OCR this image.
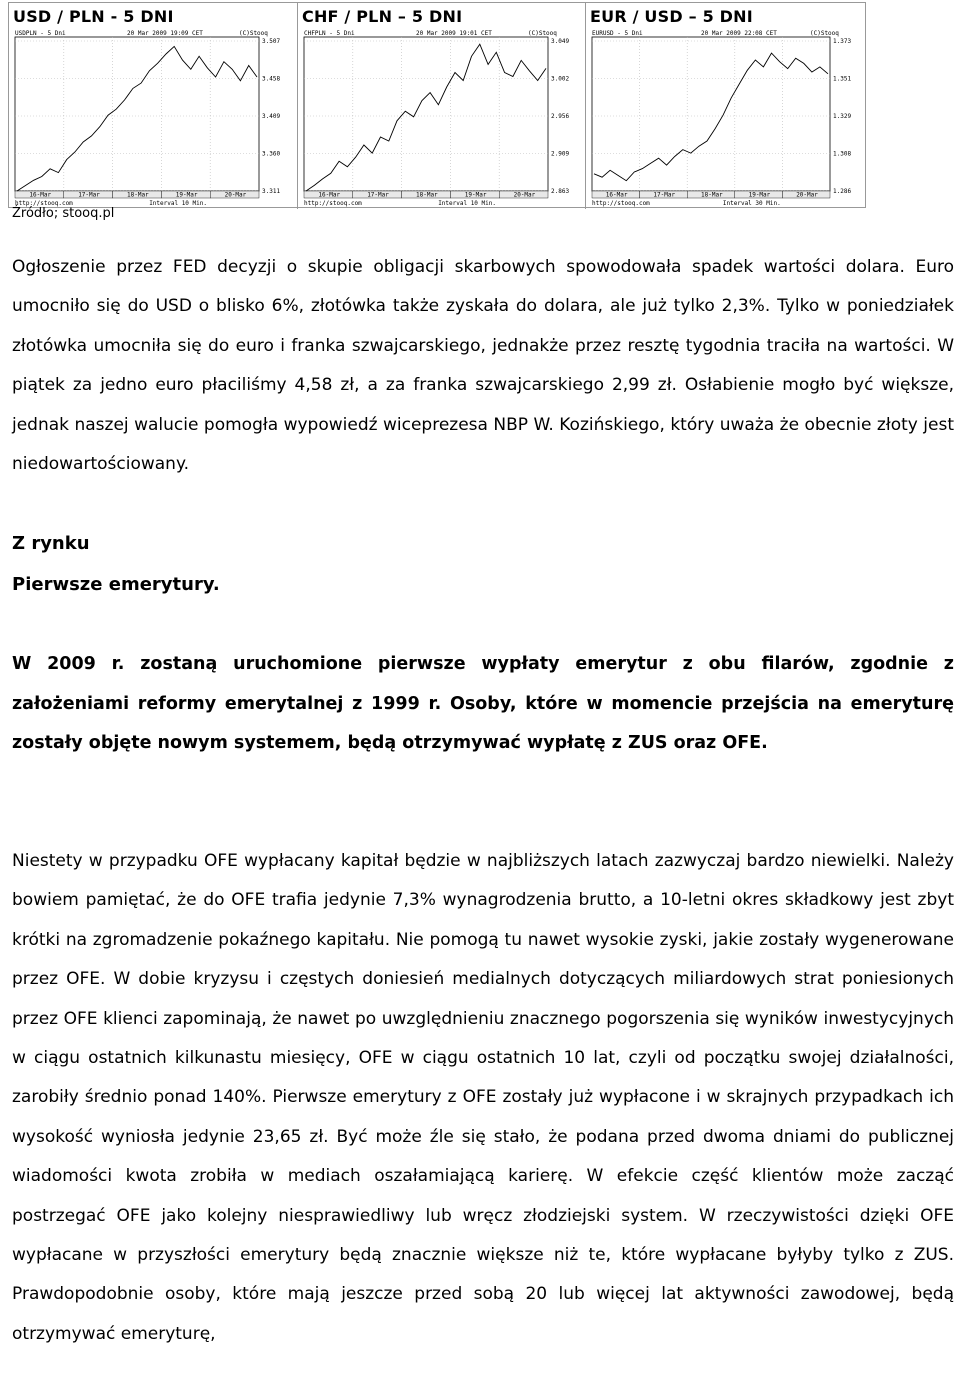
USD / PLN - 5 DNI
USDPLN - 5 Dni	20 Mar 2009 19:09 CET	(C)Stooq
3.507
3.458
3.409
3.360
3.311
16-Mar	17-Mar	18-Mar	19-Mar	20-Mar
http://stooq.com	Interval 10 Min.
CHF / PLN – 5 DNI
CHFPLN - 5 Dni	20 Mar 2009 19:01 CET	(C)Stooq
3.049
3.002
2.956
2.909
2.863
16-Mar	17-Mar	18-Mar	19-Mar	20-Mar
http://stooq.com	Interval 10 Min.
EUR / USD – 5 DNI
EURUSD - 5 Dni	20 Mar 2009 22:08 CET	(C)Stooq
1.373
1.351
1.329
1.308
1.286
16-Mar	17-Mar	18-Mar	19-Mar	20-Mar
http://stooq.com	Interval 30 Min.
Źródło; stooq.pl

Ogłoszenie przez FED decyzji o skupie obligacji skarbowych spowodowała spadek wartości dolara. Euro umocniło się do USD o blisko 6%, złotówka także zyskała do dolara, ale już tylko 2,3%. Tylko w poniedziałek złotówka umocniła się do euro i franka szwajcarskiego, jednakże przez resztę tygodnia traciła na wartości. W piątek za jedno euro płaciliśmy 4,58 zł, a za franka szwajcarskiego 2,99 zł. Osłabienie mogło być większe, jednak naszej walucie pomogła wypowiedź wiceprezesa NBP W. Kozińskiego, który uważa że obecnie złoty jest niedowartościowany.

Z rynku
Pierwsze emerytury.

W 2009 r. zostaną uruchomione pierwsze wypłaty emerytur z obu filarów, zgodnie z założeniami reformy emerytalnej z 1999 r. Osoby, które w momencie przejścia na emeryturę zostały objęte nowym systemem, będą otrzymywać wypłatę z ZUS oraz OFE.

Niestety w przypadku OFE wypłacany kapitał będzie w najbliższych latach zazwyczaj bardzo niewielki. Należy bowiem pamiętać, że do OFE trafia jedynie 7,3% wynagrodzenia brutto, a 10-letni okres składkowy jest zbyt krótki na zgromadzenie pokaźnego kapitału. Nie pomogą tu nawet wysokie zyski, jakie zostały wygenerowane przez OFE. W dobie kryzysu i częstych doniesień medialnych dotyczących miliardowych strat poniesionych przez OFE klienci zapominają, że nawet po uwzględnieniu znacznego pogorszenia się wyników inwestycyjnych w ciągu ostatnich kilkunastu miesięcy, OFE w ciągu ostatnich 10 lat, czyli od początku swojej działalności, zarobiły średnio ponad 140%. Pierwsze emerytury z OFE zostały już wypłacone i w skrajnych przypadkach ich wysokość wyniosła jedynie 23,65 zł. Być może źle się stało, że podana przed dwoma dniami do publicznej wiadomości kwota zrobiła w mediach oszałamiającą karierę. W efekcie część klientów może zacząć postrzegać OFE jako kolejny niesprawiedliwy lub wręcz złodziejski system. W rzeczywistości dzięki OFE wypłacane w przyszłości emerytury będą znacznie większe niż te, które wypłacane byłyby tylko z ZUS. Prawdopodobnie osoby, które mają jeszcze przed sobą 20 lub więcej lat aktywności zawodowej, będą otrzymywać emeryturę,
